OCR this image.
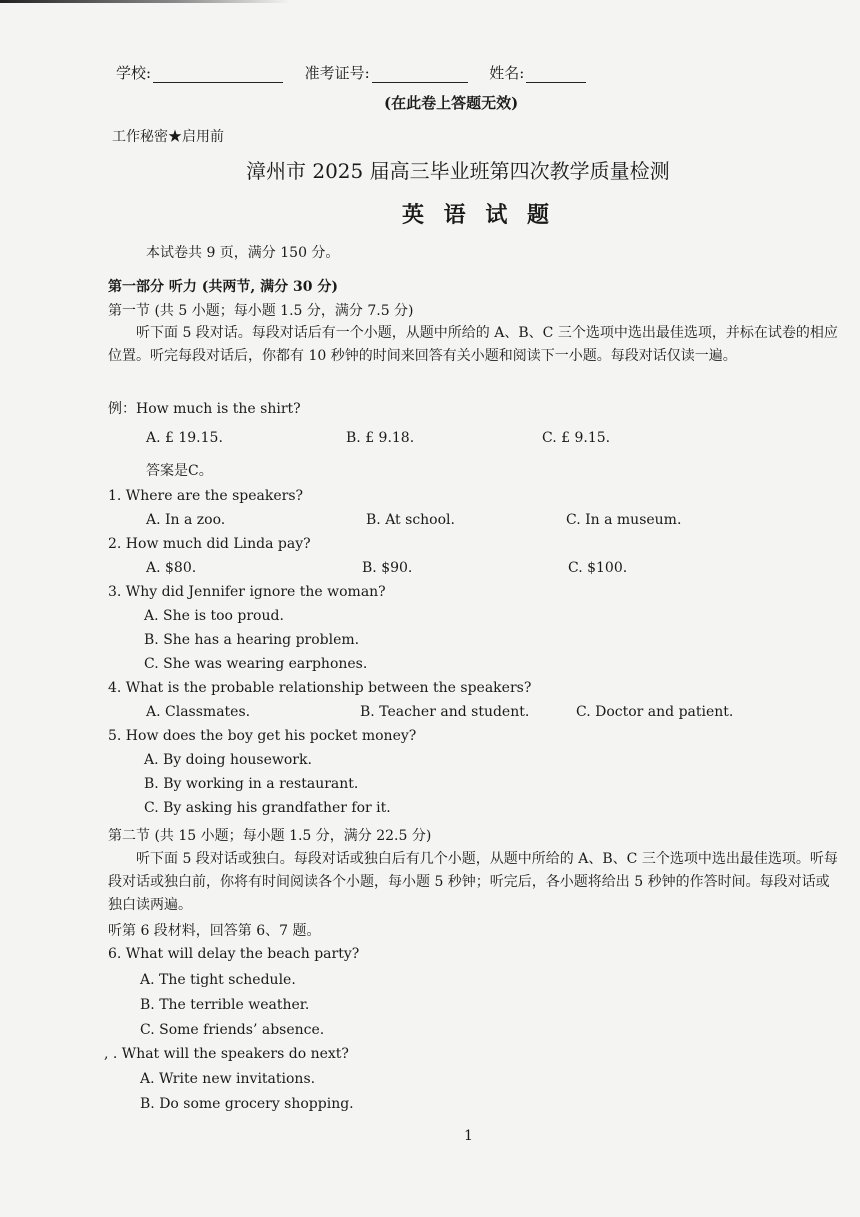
学校:	准考证号:	姓名:
(在此卷上答题无效)
工作秘密★启用前
漳州市 2025 届高三毕业班第四次教学质量检测
英 语 试 题
本试卷共 9 页，满分 150 分。
第一部分 听力 (共两节, 满分 30 分)
第一节 (共 5 小题；每小题 1.5 分，满分 7.5 分)
听下面 5 段对话。每段对话后有一个小题，从题中所给的 A、B、C 三个选项中选出最佳选项，并标在试卷的相应位置。听完每段对话后，你都有 10 秒钟的时间来回答有关小题和阅读下一小题。每段对话仅读一遍。
例：How much is the shirt?
A. £ 19.15.	B. £ 9.18.	C. £ 9.15.
答案是C。
1. Where are the speakers?
A. In a zoo.	B. At school.	C. In a museum.
2. How much did Linda pay?
A. $80.	B. $90.	C. $100.
3. Why did Jennifer ignore the woman?
A. She is too proud.
B. She has a hearing problem.
C. She was wearing earphones.
4. What is the probable relationship between the speakers?
A. Classmates.	B. Teacher and student.	C. Doctor and patient.
5. How does the boy get his pocket money?
A. By doing housework.
B. By working in a restaurant.
C. By asking his grandfather for it.
第二节 (共 15 小题；每小题 1.5 分，满分 22.5 分)
听下面 5 段对话或独白。每段对话或独白后有几个小题，从题中所给的 A、B、C 三个选项中选出最佳选项。听每段对话或独白前，你将有时间阅读各个小题，每小题 5 秒钟；听完后，各小题将给出 5 秒钟的作答时间。每段对话或独白读两遍。
听第 6 段材料，回答第 6、7 题。
6. What will delay the beach party?
A. The tight schedule.
B. The terrible weather.
C. Some friends’ absence.
, . What will the speakers do next?
A. Write new invitations.
B. Do some grocery shopping.
1
